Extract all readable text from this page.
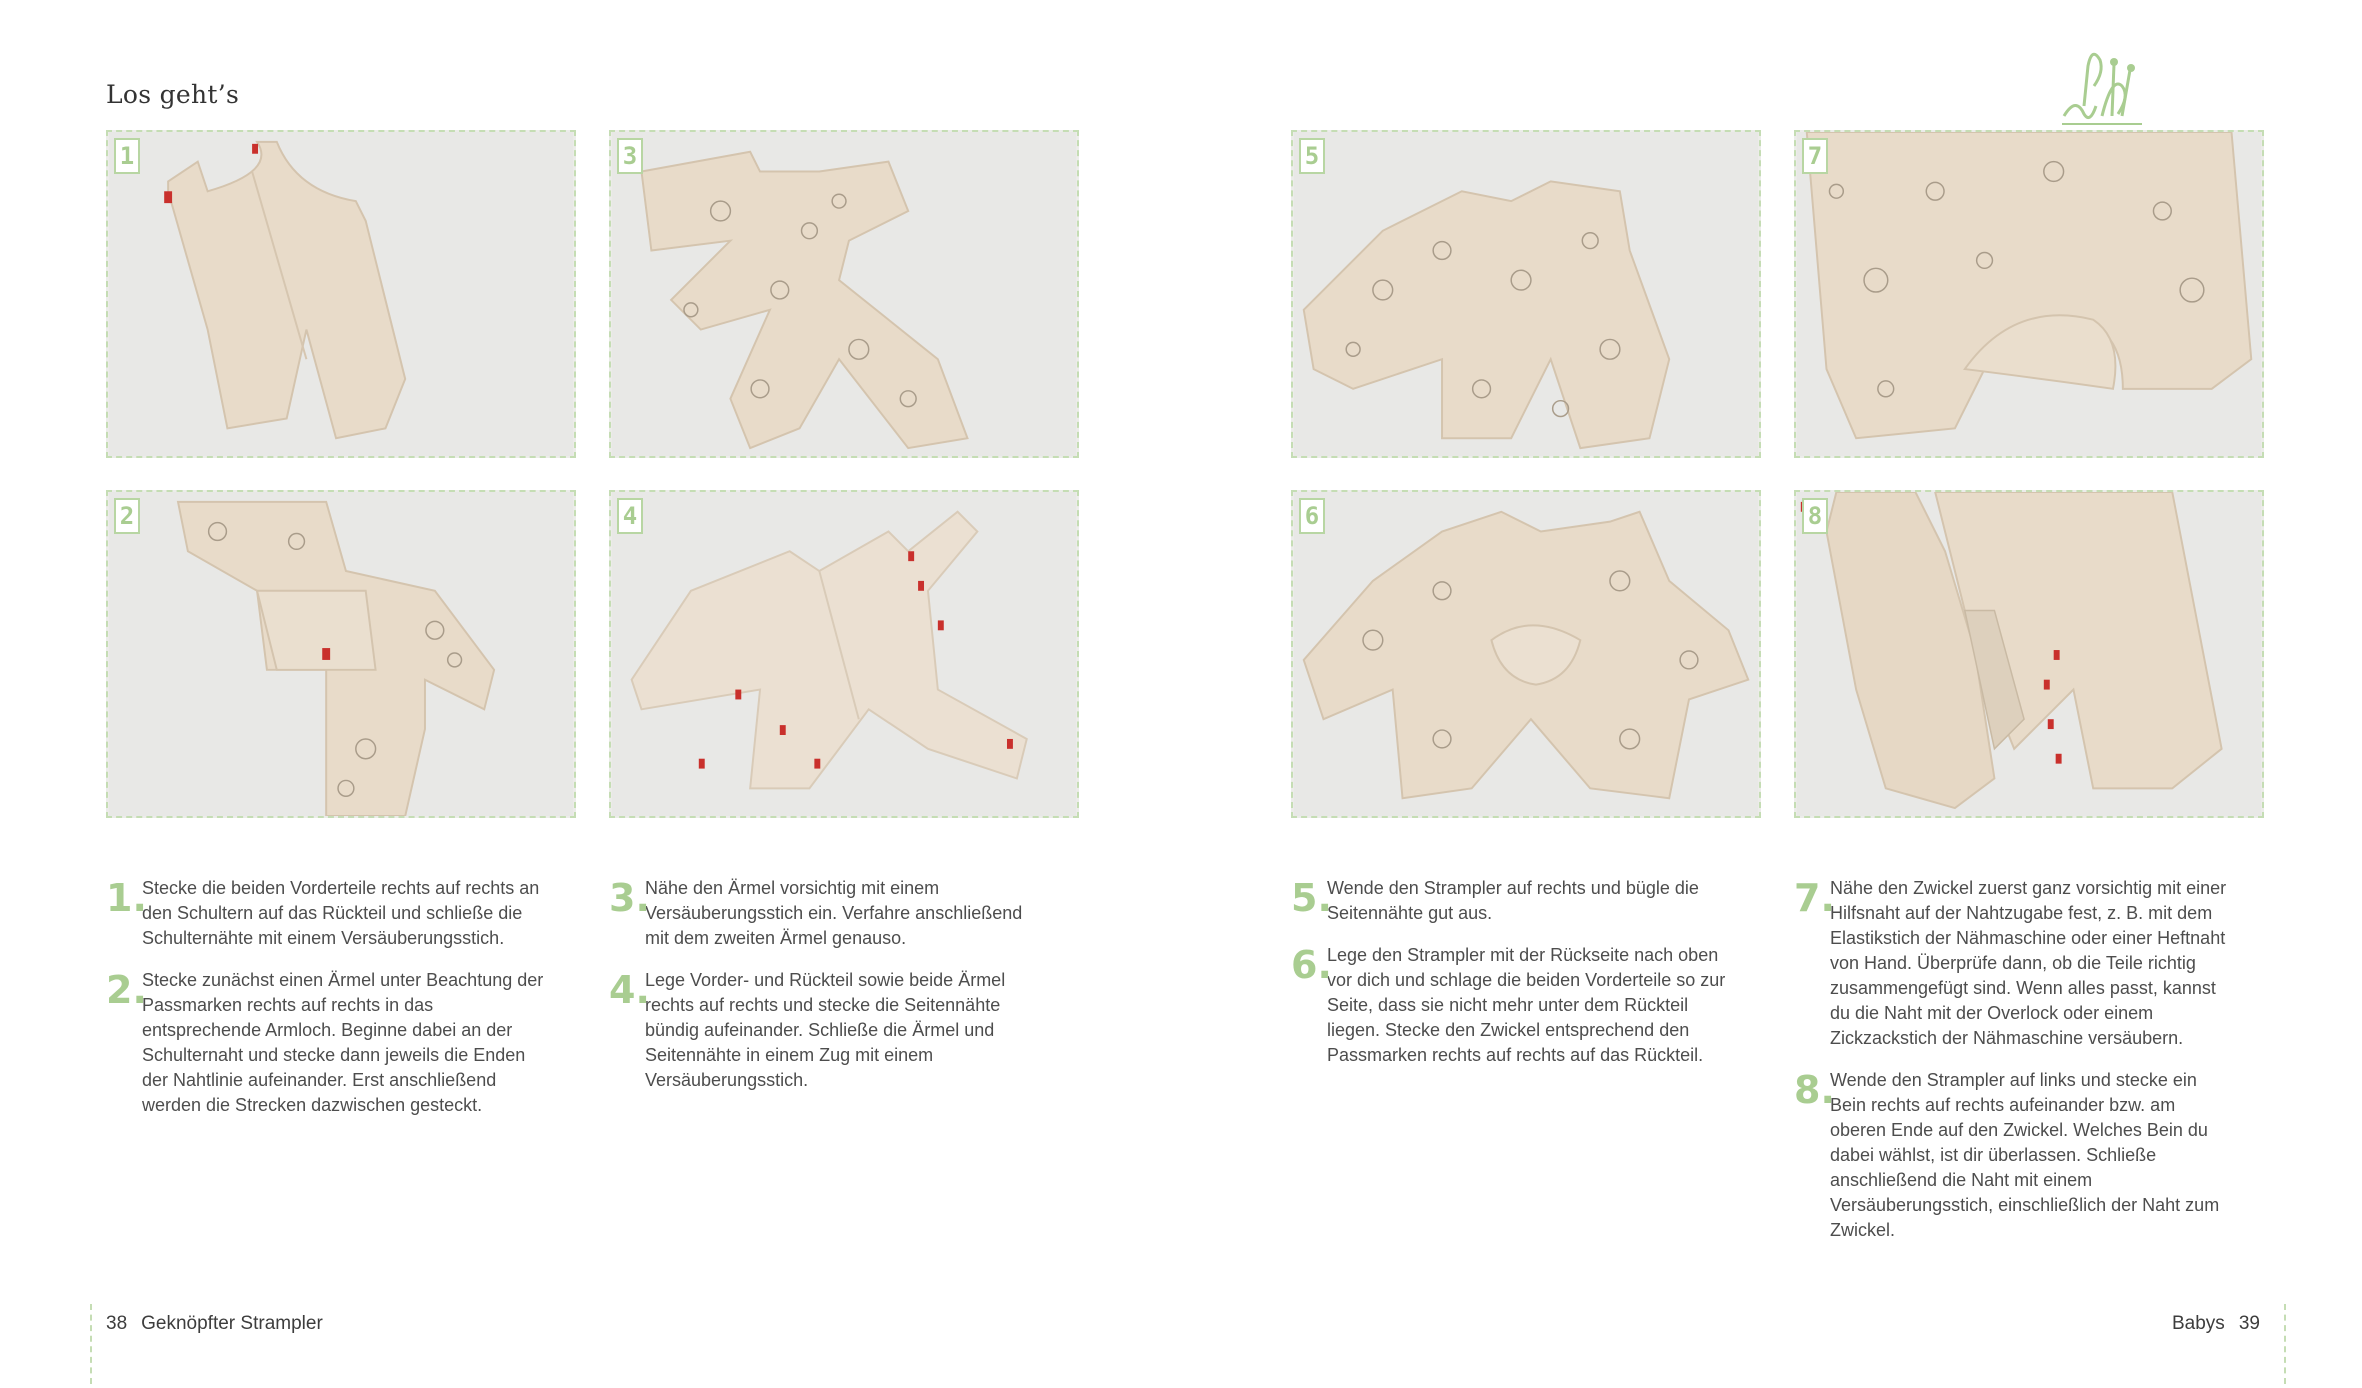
Los geht’s
1	3
2	4
5	7
6	8
1.
Stecke die beiden Vorderteile rechts auf rechts an den Schultern auf das Rückteil und schließe die Schulternähte mit einem Versäuberungsstich.
2.
Stecke zunächst einen Ärmel unter Beachtung der Passmarken rechts auf rechts in das entsprechende Armloch. Beginne dabei an der Schulternaht und stecke dann jeweils die Enden der Nahtlinie aufeinander. Erst anschließend werden die Strecken dazwischen gesteckt.
3.
Nähe den Ärmel vorsichtig mit einem Versäuberungsstich ein. Verfahre anschließend mit dem zweiten Ärmel genauso.
4.
Lege Vorder- und Rückteil sowie beide Ärmel rechts auf rechts und stecke die Seitennähte bündig aufeinander. Schließe die Ärmel und Seitennähte in einem Zug mit einem Versäuberungsstich.
5.
Wende den Strampler auf rechts und bügle die Seitennähte gut aus.
6.
Lege den Strampler mit der Rückseite nach oben vor dich und schlage die beiden Vorderteile so zur Seite, dass sie nicht mehr unter dem Rückteil liegen. Stecke den Zwickel entsprechend den Passmarken rechts auf rechts auf das Rückteil.
7.
Nähe den Zwickel zuerst ganz vorsichtig mit einer Hilfsnaht auf der Nahtzugabe fest, z. B. mit dem Elastikstich der Nähmaschine oder einer Heftnaht von Hand. Überprüfe dann, ob die Teile richtig zusammengefügt sind. Wenn alles passt, kannst du die Naht mit der Overlock oder einem Zickzackstich der Nähmaschine versäubern.
8.
Wende den Strampler auf links und stecke ein Bein rechts auf rechts aufeinander bzw. am oberen Ende auf den Zwickel. Welches Bein du dabei wählst, ist dir überlassen. Schließe anschließend die Naht mit einem Versäuberungsstich, einschließlich der Naht zum Zwickel.
38 Geknöpfter Strampler	Babys 39
